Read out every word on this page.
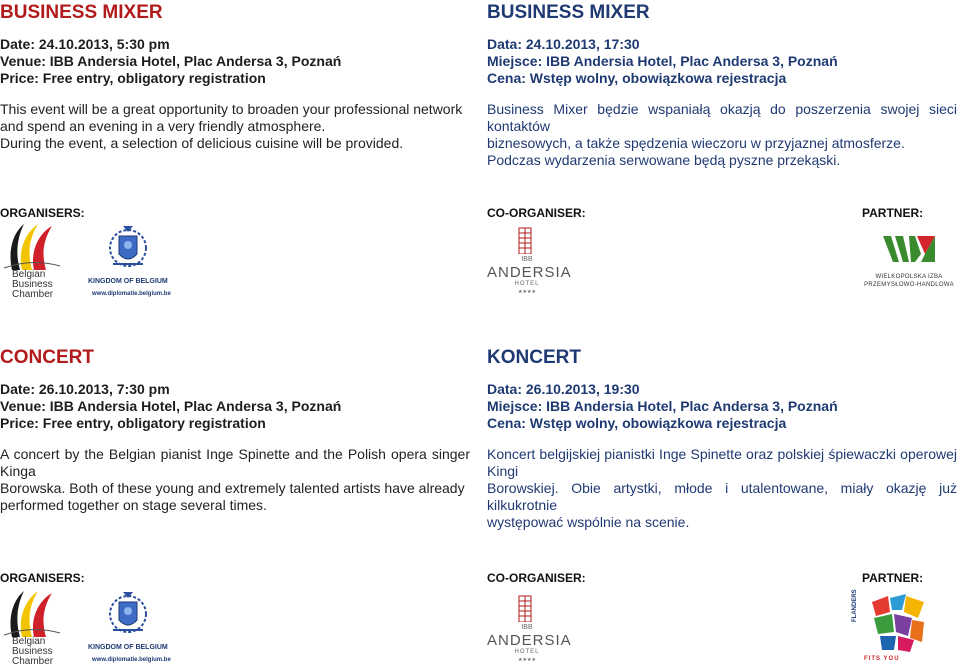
BUSINESS MIXER
Date: 24.10.2013, 5:30 pm
Venue: IBB Andersia Hotel, Plac Andersa 3, Poznań
Price: Free entry, obligatory registration
This event will be a great opportunity to broaden your professional network
and spend an evening in a very friendly atmosphere.
During the event, a selection of delicious cuisine will be provided.
BUSINESS MIXER
Data: 24.10.2013, 17:30
Miejsce: IBB Andersia Hotel, Plac Andersa 3, Poznań
Cena: Wstęp wolny, obowiązkowa rejestracja
Business Mixer będzie wspaniałą okazją do poszerzenia swojej sieci kontaktów
biznesowych, a także spędzenia wieczoru w przyjaznej atmosferze.
Podczas wydarzenia serwowane będą pyszne przekąski.
ORGANISERS:	CO-ORGANISER:	PARTNER:
Belgian
Business
Chamber
KINGDOM OF BELGIUM
www.diplomatie.belgium.be
IBB
ANDERSIA
HOTEL
★★★★
WIELKOPOLSKA IZBA
PRZEMYSŁOWO-HANDLOWA
CONCERT
Date: 26.10.2013, 7:30 pm
Venue: IBB Andersia Hotel, Plac Andersa 3, Poznań
Price: Free entry, obligatory registration
A concert by the Belgian pianist Inge Spinette and the Polish opera singer Kinga
Borowska. Both of these young and extremely talented artists have already
performed together on stage several times.
KONCERT
Data: 26.10.2013, 19:30
Miejsce: IBB Andersia Hotel, Plac Andersa 3, Poznań
Cena: Wstęp wolny, obowiązkowa rejestracja
Koncert belgijskiej pianistki Inge Spinette oraz polskiej śpiewaczki operowej Kingi
Borowskiej. Obie artystki, młode i utalentowane, miały okazję już kilkukrotnie
występować wspólnie na scenie.
ORGANISERS:	CO-ORGANISER:	PARTNER:
Belgian
Business
Chamber
KINGDOM OF BELGIUM
www.diplomatie.belgium.be
IBB
ANDERSIA
HOTEL
★★★★
FLANDERS
FITS YOU
